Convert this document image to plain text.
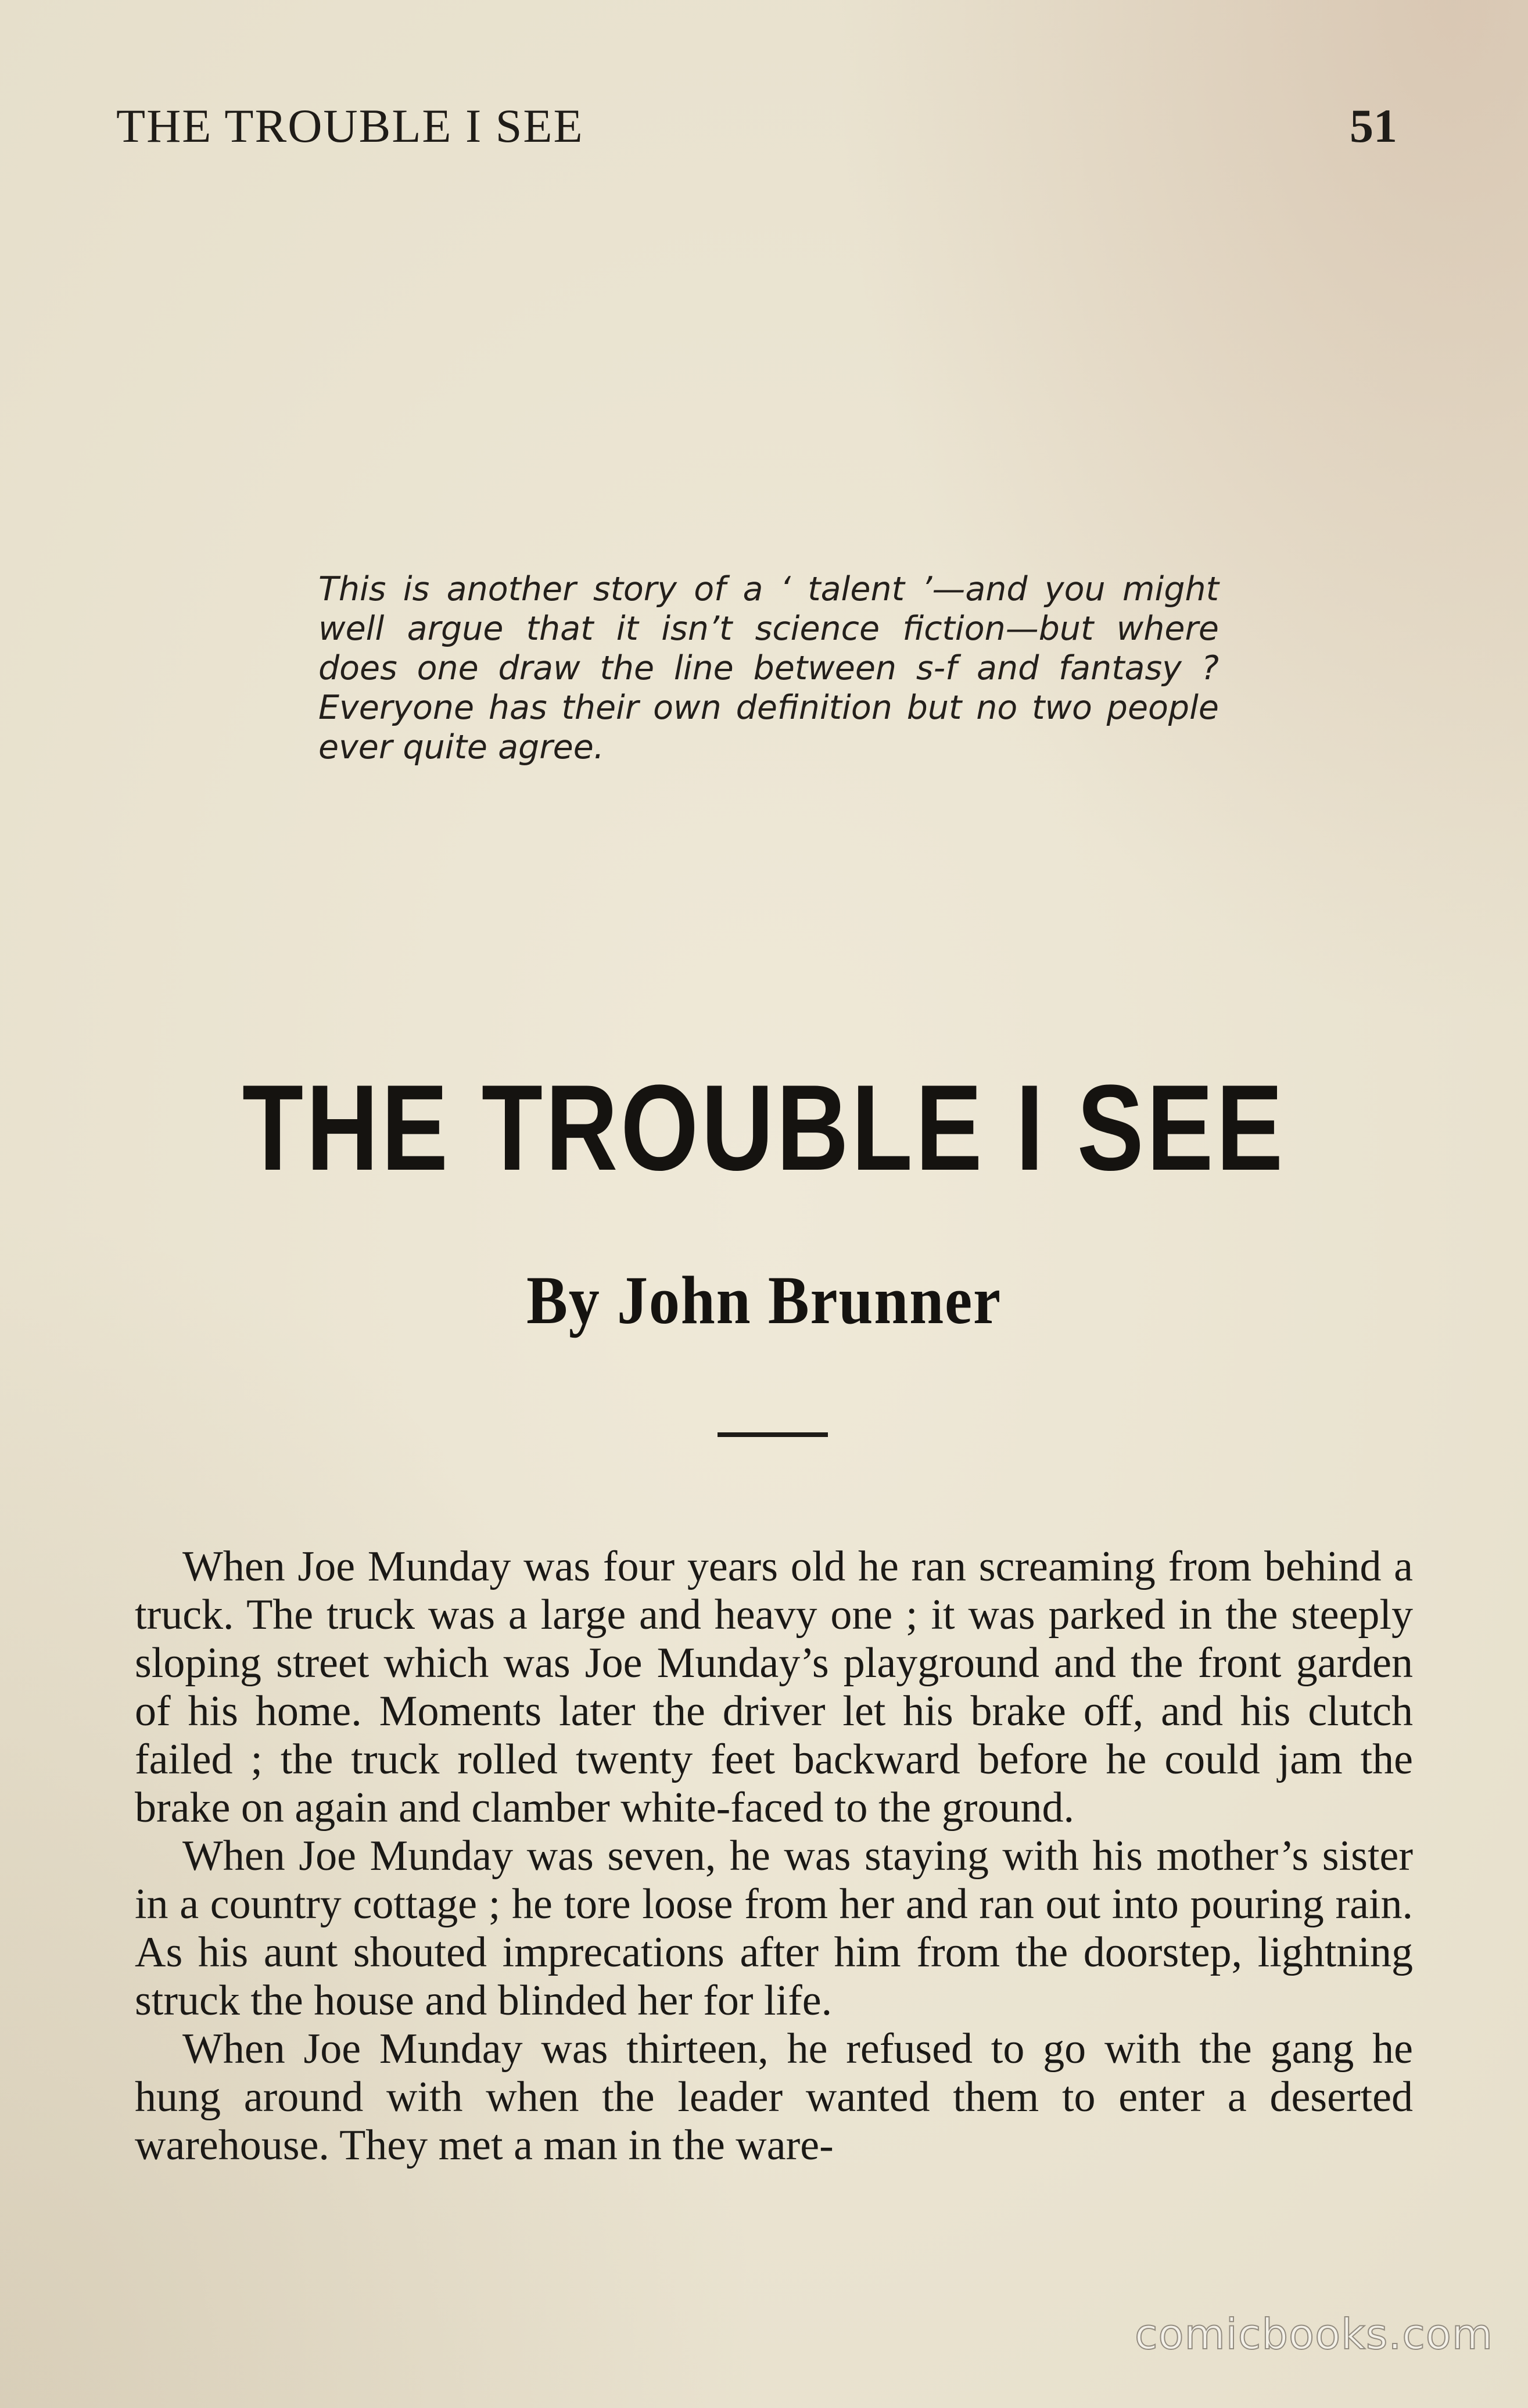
THE TROUBLE I SEE	51
This is another story of a ‘ talent ’—and you might well argue that it isn’t science fiction—but where does one draw the line between s-f and fantasy ? Everyone has their own definition but no two people ever quite agree.
THE TROUBLE I SEE
By John Brunner

When Joe Munday was four years old he ran screaming from behind a truck. The truck was a large and heavy one ; it was parked in the steeply sloping street which was Joe Munday’s playground and the front garden of his home. Moments later the driver let his brake off, and his clutch failed ; the truck rolled twenty feet backward before he could jam the brake on again and clamber white-faced to the ground.

When Joe Munday was seven, he was staying with his mother’s sister in a country cottage ; he tore loose from her and ran out into pouring rain. As his aunt shouted imprecations after him from the doorstep, lightning struck the house and blinded her for life.

When Joe Munday was thirteen, he refused to go with the gang he hung around with when the leader wanted them to enter a deserted warehouse. They met a man in the ware-

comicbooks.com
